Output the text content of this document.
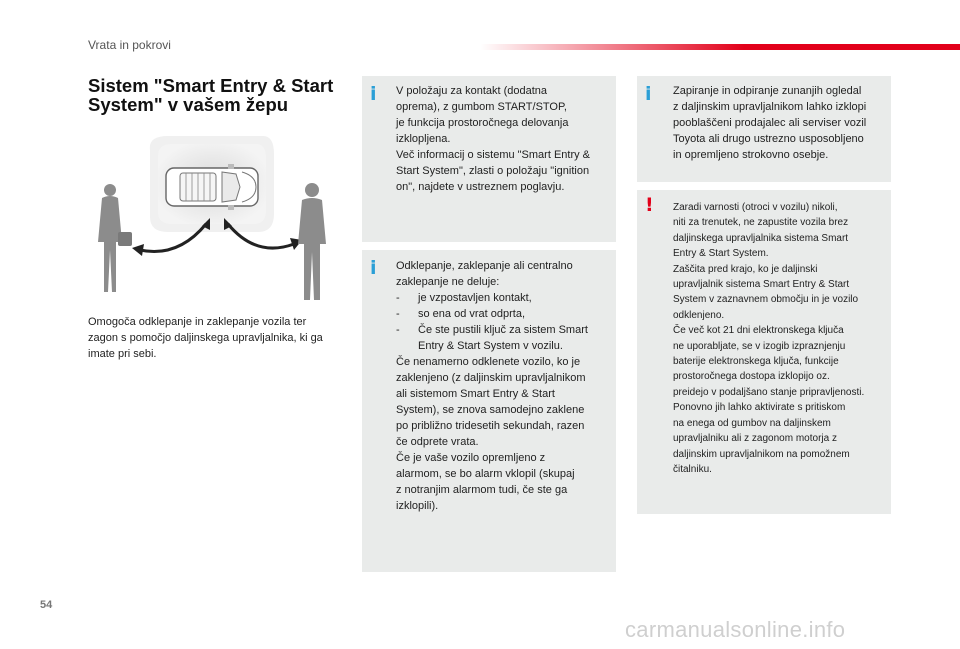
Vrata in pokrovi
Sistem "Smart Entry & Start System" v vašem žepu
Omogoča odklepanje in zaklepanje vozila ter zagon s pomočjo daljinskega upravljalnika, ki ga imate pri sebi.
i V položaju za kontakt (dodatna
oprema), z gumbom START/STOP,
je funkcija prostoročnega delovanja
izklopljena.
Več informacij o sistemu "Smart Entry &
Start System", zlasti o položaju "ignition
on", najdete v ustreznem poglavju.
i Odklepanje, zaklepanje ali centralno
zaklepanje ne deluje:
- je vzpostavljen kontakt,
- so ena od vrat odprta,
- Če ste pustili ključ za sistem Smart
Entry & Start System v vozilu.
Če nenamerno odklenete vozilo, ko je
zaklenjeno (z daljinskim upravljalnikom
ali sistemom Smart Entry & Start
System), se znova samodejno zaklene
po približno tridesetih sekundah, razen
če odprete vrata.
Če je vaše vozilo opremljeno z
alarmom, se bo alarm vklopil (skupaj
z notranjim alarmom tudi, če ste ga
izklopili).
i Zapiranje in odpiranje zunanjih ogledal
z daljinskim upravljalnikom lahko izklopi
pooblaščeni prodajalec ali serviser vozil
Toyota ali drugo ustrezno usposobljeno
in opremljeno strokovno osebje.
! Zaradi varnosti (otroci v vozilu) nikoli,
niti za trenutek, ne zapustite vozila brez
daljinskega upravljalnika sistema Smart
Entry & Start System.
Zaščita pred krajo, ko je daljinski
upravljalnik sistema Smart Entry & Start
System v zaznavnem območju in je vozilo
odklenjeno.
Če več kot 21 dni elektronskega ključa
ne uporabljate, se v izogib izpraznjenju
baterije elektronskega ključa, funkcije
prostoročnega dostopa izklopijo oz.
preidejo v podaljšano stanje pripravljenosti.
Ponovno jih lahko aktivirate s pritiskom
na enega od gumbov na daljinskem
upravljalniku ali z zagonom motorja z
daljinskim upravljalnikom na pomožnem
čitalniku.
54
carmanualsonline.info
